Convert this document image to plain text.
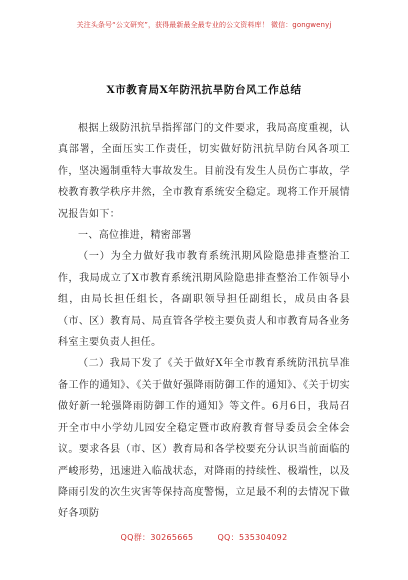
关注头条号“公文研究”，获得最新最全最专业的公文资料库！ 微信：gongwenyj
X市教育局X年防汛抗旱防台风工作总结

根据上级防汛抗旱指挥部门的文件要求，我局高度重视，认真部署，全面压实工作责任，切实做好防汛抗旱防台风各项工作，坚决遏制重特大事故发生。目前没有发生人员伤亡事故，学校教育教学秩序井然，全市教育系统安全稳定。现将工作开展情况报告如下：

一、高位推进，精密部署

（一）为全力做好我市教育系统汛期风险隐患排查整治工作，我局成立了X市教育系统汛期风险隐患排查整治工作领导小组，由局长担任组长，各副职领导担任副组长，成员由各县（市、区）教育局、局直管各学校主要负责人和市教育局各业务科室主要负责人担任。

（二）我局下发了《关于做好X年全市教育系统防汛抗旱准备工作的通知》、《关于做好强降雨防御工作的通知》、《关于切实做好新一轮强降雨防御工作的通知》等文件。6月6日，我局召开全市中小学幼儿园安全稳定暨市政府教育督导委员会全体会议。要求各县（市、区）教育局和各学校要充分认识当前面临的严峻形势，迅速进入临战状态，对降雨的持续性、极端性，以及降雨引发的次生灾害等保持高度警惕，立足最不利的去情况下做好各项防

QQ群：30265665	QQ：535304092
